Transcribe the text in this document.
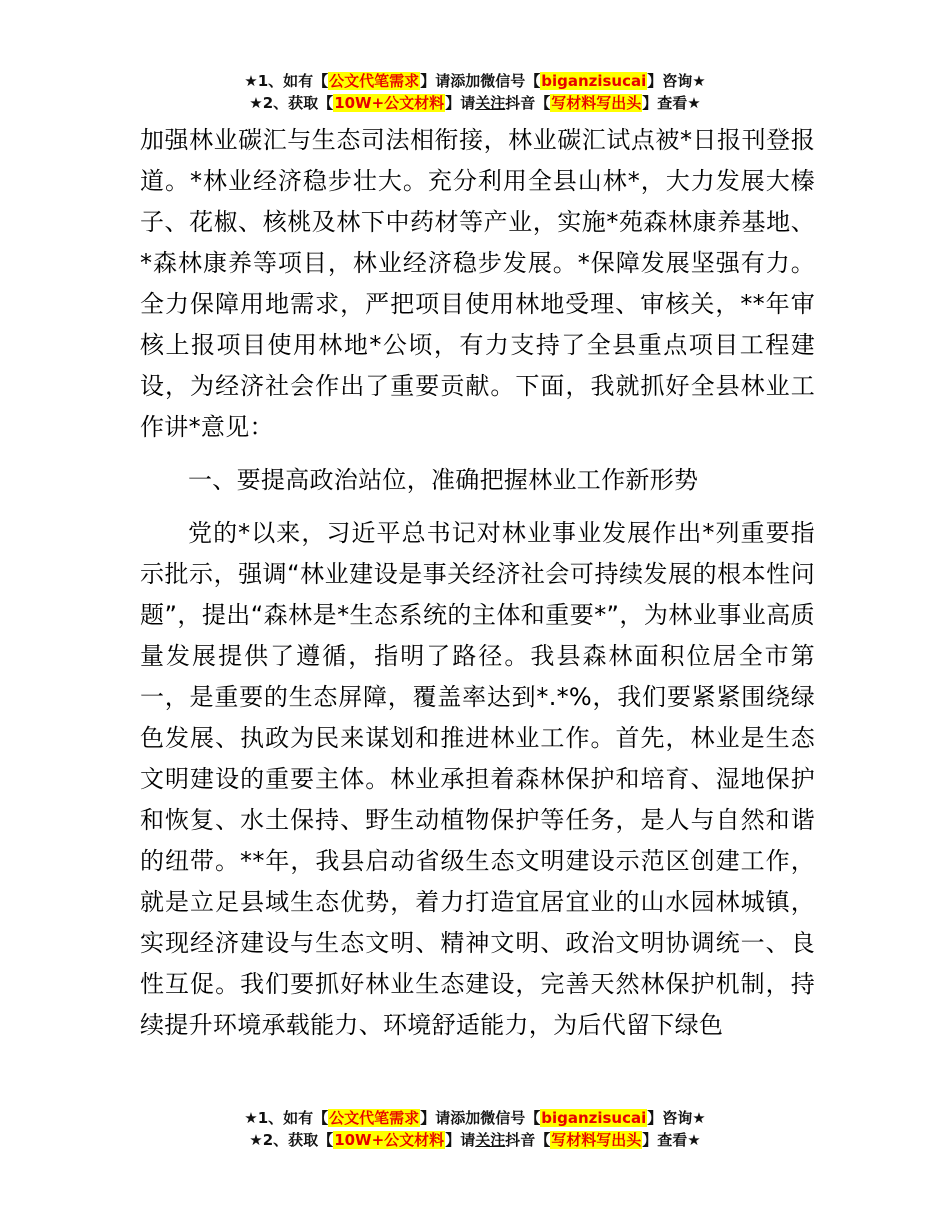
★1、如有【公文代笔需求】请添加微信号【biganzisucai】咨询★
★2、获取【10W+公文材料】请关注抖音【写材料写出头】查看★

加强林业碳汇与生态司法相衔接，林业碳汇试点被*日报刊登报道。*林业经济稳步壮大。充分利用全县山林*，大力发展大榛子、花椒、核桃及林下中药材等产业，实施*苑森林康养基地、*森林康养等项目，林业经济稳步发展。*保障发展坚强有力。全力保障用地需求，严把项目使用林地受理、审核关，**年审核上报项目使用林地*公顷，有力支持了全县重点项目工程建设，为经济社会作出了重要贡献。下面，我就抓好全县林业工作讲*意见：

一、要提高政治站位，准确把握林业工作新形势

党的*以来，习近平总书记对林业事业发展作出*列重要指示批示，强调“林业建设是事关经济社会可持续发展的根本性问题”，提出“森林是*生态系统的主体和重要*”，为林业事业高质量发展提供了遵循，指明了路径。我县森林面积位居全市第一，是重要的生态屏障，覆盖率达到*.*%，我们要紧紧围绕绿色发展、执政为民来谋划和推进林业工作。首先，林业是生态文明建设的重要主体。林业承担着森林保护和培育、湿地保护和恢复、水土保持、野生动植物保护等任务，是人与自然和谐的纽带。**年，我县启动省级生态文明建设示范区创建工作，就是立足县域生态优势，着力打造宜居宜业的山水园林城镇，实现经济建设与生态文明、精神文明、政治文明协调统一、良性互促。我们要抓好林业生态建设，完善天然林保护机制，持续提升环境承载能力、环境舒适能力，为后代留下绿色

★1、如有【公文代笔需求】请添加微信号【biganzisucai】咨询★
★2、获取【10W+公文材料】请关注抖音【写材料写出头】查看★
